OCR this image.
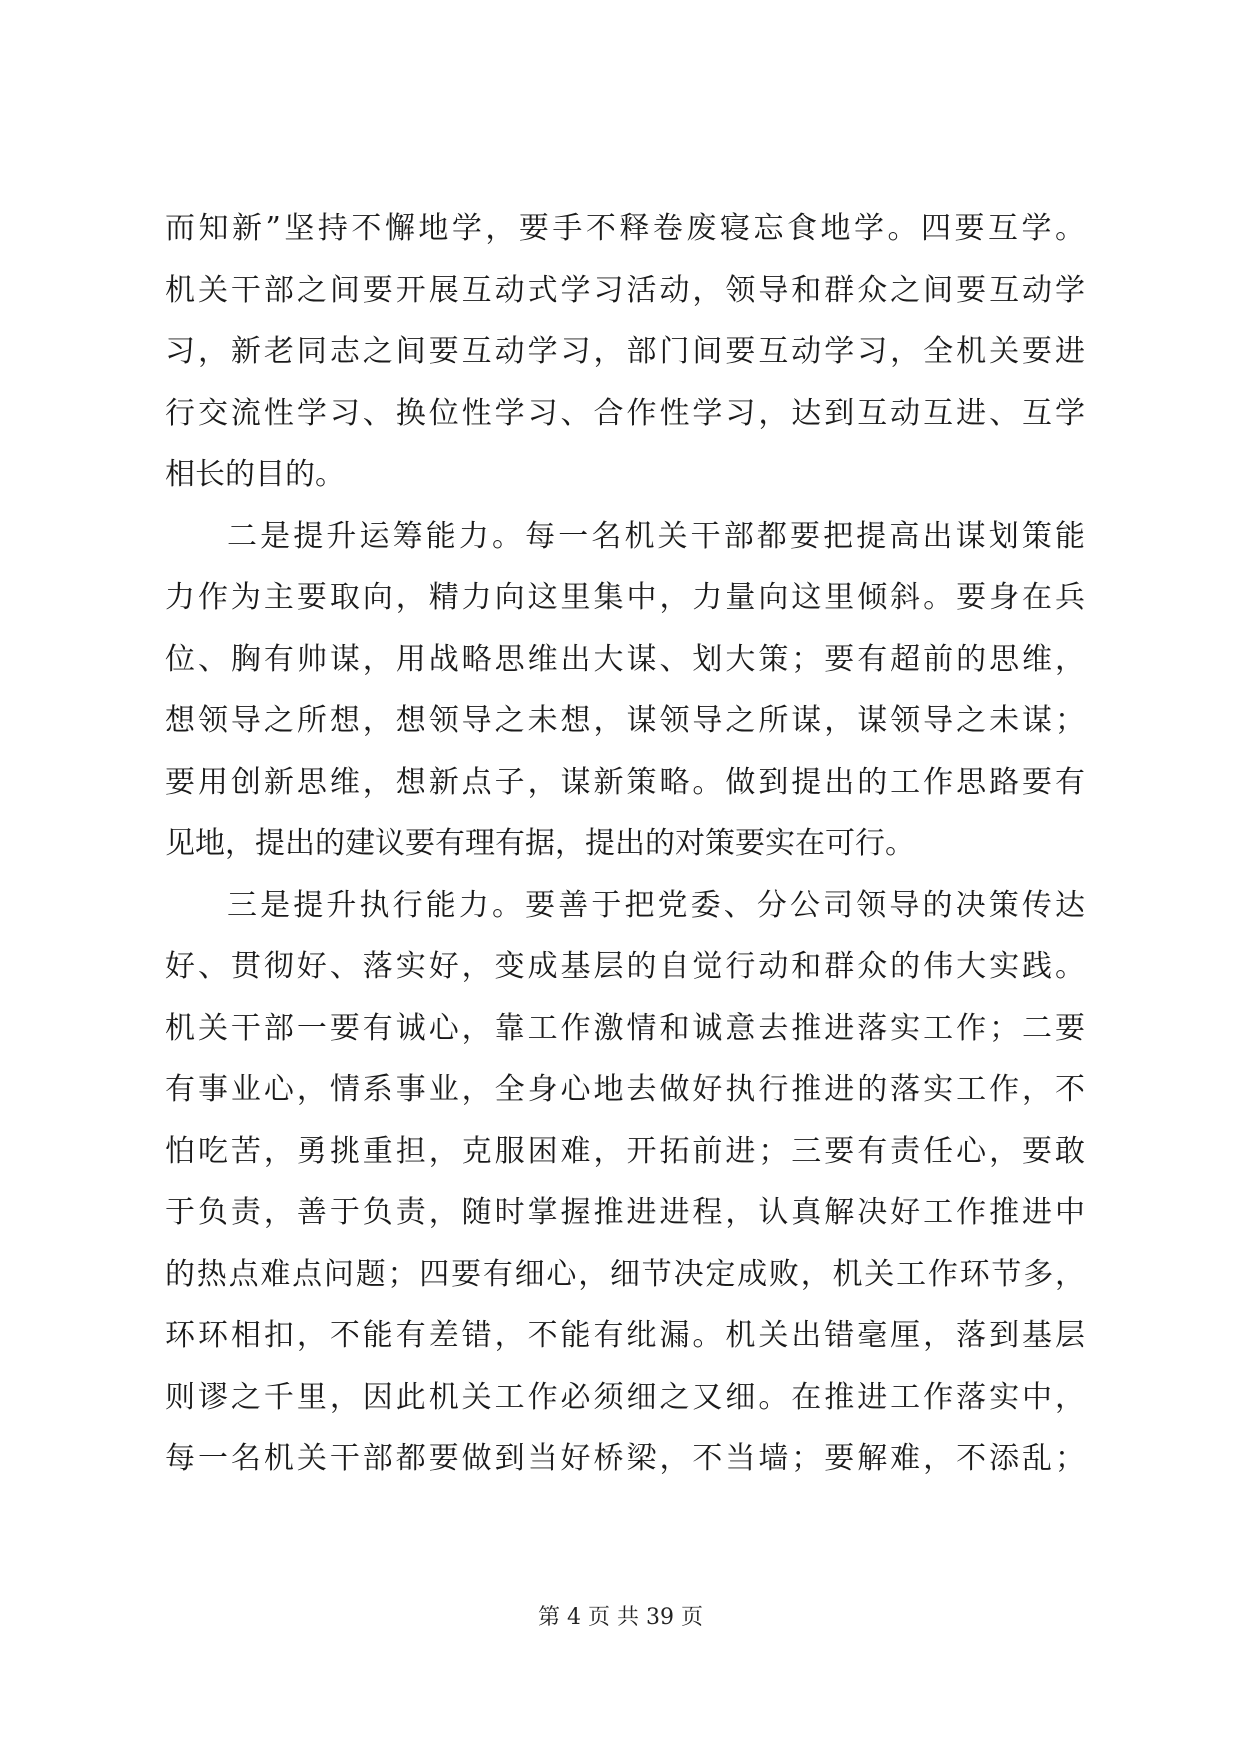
而知新”坚持不懈地学，要手不释卷废寝忘食地学。四要互学。
机关干部之间要开展互动式学习活动，领导和群众之间要互动学
习，新老同志之间要互动学习，部门间要互动学习，全机关要进
行交流性学习、换位性学习、合作性学习，达到互动互进、互学
相长的目的。
二是提升运筹能力。每一名机关干部都要把提高出谋划策能
力作为主要取向，精力向这里集中，力量向这里倾斜。要身在兵
位、胸有帅谋，用战略思维出大谋、划大策；要有超前的思维，
想领导之所想，想领导之未想，谋领导之所谋，谋领导之未谋；
要用创新思维，想新点子，谋新策略。做到提出的工作思路要有
见地，提出的建议要有理有据，提出的对策要实在可行。
三是提升执行能力。要善于把党委、分公司领导的决策传达
好、贯彻好、落实好，变成基层的自觉行动和群众的伟大实践。
机关干部一要有诚心，靠工作激情和诚意去推进落实工作；二要
有事业心，情系事业，全身心地去做好执行推进的落实工作，不
怕吃苦，勇挑重担，克服困难，开拓前进；三要有责任心，要敢
于负责，善于负责，随时掌握推进进程，认真解决好工作推进中
的热点难点问题；四要有细心，细节决定成败，机关工作环节多，
环环相扣，不能有差错，不能有纰漏。机关出错毫厘，落到基层
则谬之千里，因此机关工作必须细之又细。在推进工作落实中，
每一名机关干部都要做到当好桥梁，不当墙；要解难，不添乱；
第 4 页 共 39 页
